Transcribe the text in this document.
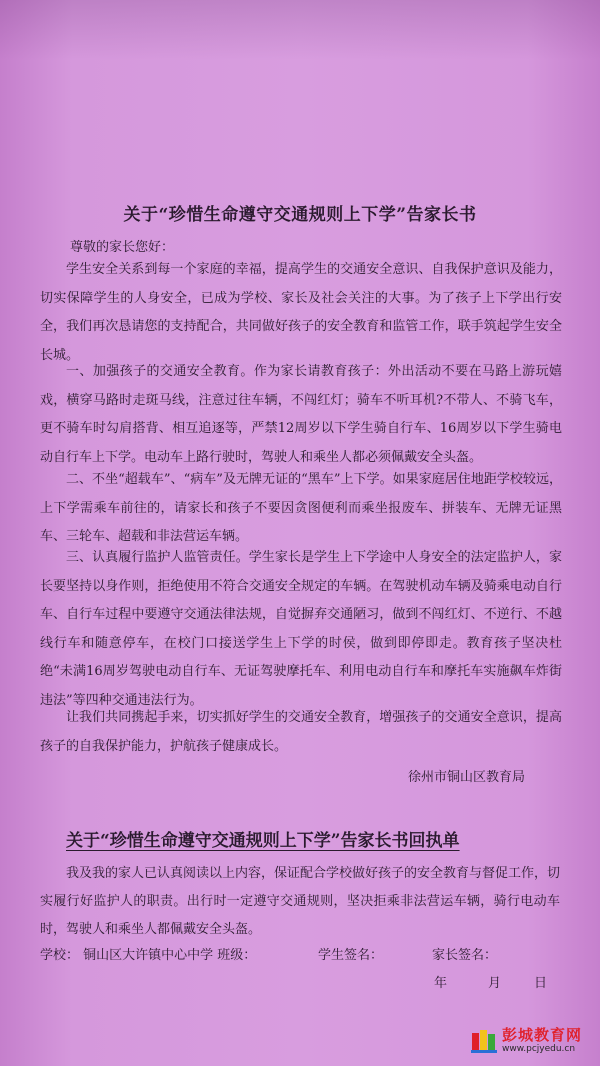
关于“珍惜生命遵守交通规则上下学”告家长书
尊敬的家长您好：
学生安全关系到每一个家庭的幸福，提高学生的交通安全意识、自我保护意识及能力，切实保障学生的人身安全，已成为学校、家长及社会关注的大事。为了孩子上下学出行安全，我们再次恳请您的支持配合，共同做好孩子的安全教育和监管工作，联手筑起学生安全长城。
一、加强孩子的交通安全教育。作为家长请教育孩子：外出活动不要在马路上游玩嬉戏，横穿马路时走斑马线，注意过往车辆，不闯红灯；骑车不听耳机?不带人、不骑飞车，更不骑车时勾肩搭背、相互追逐等，严禁12周岁以下学生骑自行车、16周岁以下学生骑电动自行车上下学。电动车上路行驶时，驾驶人和乘坐人都必须佩戴安全头盔。
二、不坐“超载车”、“病车”及无牌无证的“黑车”上下学。如果家庭居住地距学校较远，上下学需乘车前往的，请家长和孩子不要因贪图便利而乘坐报废车、拼装车、无牌无证黑车、三轮车、超载和非法营运车辆。
三、认真履行监护人监管责任。学生家长是学生上下学途中人身安全的法定监护人，家长要坚持以身作则，拒绝使用不符合交通安全规定的车辆。在驾驶机动车辆及骑乘电动自行车、自行车过程中要遵守交通法律法规，自觉摒弃交通陋习，做到不闯红灯、不逆行、不越线行车和随意停车，在校门口接送学生上下学的时侯，做到即停即走。教育孩子坚决杜绝“未满16周岁驾驶电动自行车、无证驾驶摩托车、利用电动自行车和摩托车实施飙车炸街违法”等四种交通违法行为。
让我们共同携起手来，切实抓好学生的交通安全教育，增强孩子的交通安全意识，提高孩子的自我保护能力，护航孩子健康成长。
徐州市铜山区教育局
关于“珍惜生命遵守交通规则上下学”告家长书回执单
我及我的家人已认真阅读以上内容，保证配合学校做好孩子的安全教育与督促工作，切实履行好监护人的职责。出行时一定遵守交通规则，坚决拒乘非法营运车辆，骑行电动车时，驾驶人和乘坐人都佩戴安全头盔。
学校： 铜山区大许镇中心中学 班级：	学生签名：	家长签名：
年	月	日
彭城教育网
www.pcjyedu.cn
